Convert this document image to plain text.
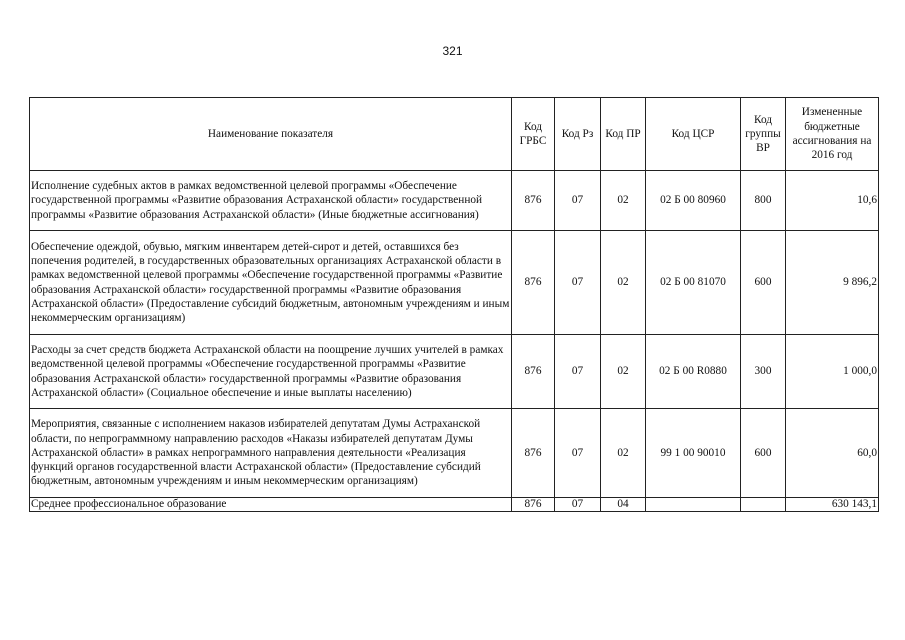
321
Наименование показателя	Код ГРБС	Код Рз	Код ПР	Код ЦСР	Код группы ВР	Измененные бюджетные ассигнования на 2016 год
Исполнение судебных актов в рамках ведомственной целевой программы «Обеспечение государственной программы «Развитие образования Астраханской области» государственной программы «Развитие образования Астраханской области» (Иные бюджетные ассигнования)	876	07	02	02 Б 00 80960	800	10,6
Обеспечение одеждой, обувью, мягким инвентарем детей-сирот и детей, оставшихся без попечения родителей, в государственных образовательных организациях Астраханской области в рамках ведомственной целевой программы «Обеспечение государственной программы «Развитие образования Астраханской области» государственной программы «Развитие образования Астраханской области» (Предоставление субсидий бюджетным, автономным учреждениям и иным некоммерческим организациям)	876	07	02	02 Б 00 81070	600	9 896,2
Расходы за счет средств бюджета Астраханской области на поощрение лучших учителей в рамках ведомственной целевой программы «Обеспечение государственной программы «Развитие образования Астраханской области» государственной программы «Развитие образования Астраханской области» (Социальное обеспечение и иные выплаты населению)	876	07	02	02 Б 00 R0880	300	1 000,0
Мероприятия, связанные с исполнением наказов избирателей депутатам Думы Астраханской области, по непрограммному направлению расходов «Наказы избирателей депутатам Думы Астраханской области» в рамках непрограммного направления деятельности «Реализация функций органов государственной власти Астраханской области» (Предоставление субсидий бюджетным, автономным учреждениям и иным некоммерческим организациям)	876	07	02	99 1 00 90010	600	60,0
Среднее профессиональное образование	876	07	04			630 143,1
